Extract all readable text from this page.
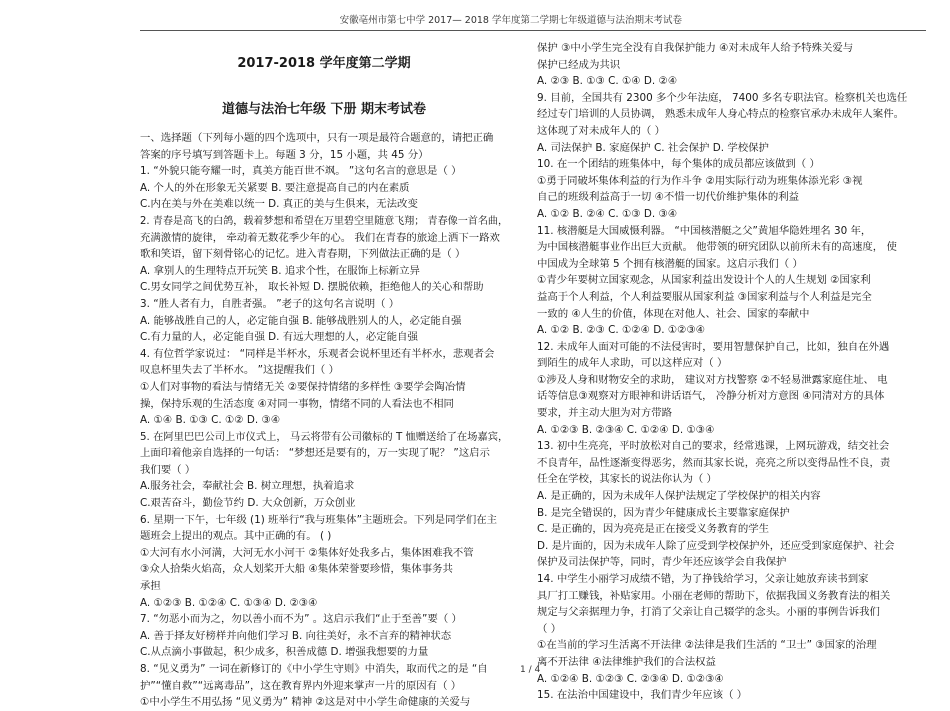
安徽亳州市第七中学 2017— 2018 学年度第二学期七年级道德与法治期末考试卷

2017-2018 学年度第二学期

道德与法治七年级 下册 期末考试卷

一、选择题（下列每小题的四个选项中，只有一项是最符合题意的，请把正确

答案的序号填写到答题卡上。每题 3 分，15 小题，共 45 分）

1. “外貌只能夸耀一时，真美方能百世不飒。 ”这句名言的意思是（ ）

A. 个人的外在形象无关紧要 B. 要注意提高自己的内在素质

C.内在美与外在美难以统一 D. 真正的美与生俱来，无法改变

2. 青春是高飞的白鸽，载着梦想和希望在万里碧空里随意飞翔； 青春像一首名曲，

充满激情的旋律， 牵动着无数花季少年的心。 我们在青春的旅途上洒下一路欢

歌和笑语，留下刻骨铭心的记忆。进入青春期，下列做法正确的是（ ）

A. 拿别人的生理特点开玩笑 B. 追求个性，在服饰上标新立异

C.男女同学之间优势互补， 取长补短 D. 摆脱依赖，拒绝他人的关心和帮助

3. “胜人者有力，自胜者强。 ”老子的这句名言说明（ ）

A. 能够战胜自己的人，必定能自强 B. 能够战胜别人的人，必定能自强

C.有力量的人，必定能自强 D. 有远大理想的人，必定能自强

4. 有位哲学家说过： “同样是半杯水，乐观者会说杯里还有半杯水，悲观者会

叹息杯里失去了半杯水。 ”这提醒我们（ ）

①人们对事物的看法与情绪无关 ②要保持情绪的多样性 ③要学会陶冶情

操，保持乐观的生活态度 ④对同一事物，情绪不同的人看法也不相同

A. ①④ B. ①③ C. ①② D. ③④

5. 在阿里巴巴公司上市仪式上， 马云将带有公司徽标的 T 恤赠送给了在场嘉宾，

上面印着他亲自选择的一句话： “梦想还是要有的，万一实现了呢？ ”这启示

我们要（ ）

A.服务社会，奉献社会 B. 树立理想，执着追求

C.艰苦奋斗，勤俭节约 D. 大众创新，万众创业

6. 星期一下午，七年级 (1) 班举行“我与班集体”主题班会。下列是同学们在主

题班会上提出的观点。其中正确的有。 ( )

①大河有水小河满，大河无水小河干 ②集体好处我多占，集体困难我不管

③众人拾柴火焰高，众人划桨开大船 ④集体荣誉要珍惜，集体事务共

承担

A. ①②③ B. ①②④ C. ①③④ D. ②③④

7. “勿恶小而为之，勿以善小而不为” 。这启示我们“止于至善”要（ ）

A. 善于择友好榜样并向他们学习 B. 向往美好，永不言弃的精神状态

C.从点滴小事做起，积少成多，积善成德 D. 增强我想要的力量

8. “见义勇为” 一词在新修订的《中小学生守则》中消失，取而代之的是 “自

护”“懂自救”“远离毒品”，这在教育界内外迎来掌声一片的原因有（ ）

①中小学生不用弘扬 “见义勇为” 精神 ②这是对中小学生命健康的关爱与

保护 ③中小学生完全没有自我保护能力 ④对未成年人给予特殊关爱与

保护已经成为共识

A. ②③ B. ①③ C. ①④ D. ②④

9. 目前，全国共有 2300 多个少年法庭， 7400 多名专职法官。检察机关也选任

经过专门培训的人员协调， 熟悉未成年人身心特点的检察官承办未成年人案件。

这体现了对未成年人的（ ）

A. 司法保护 B. 家庭保护 C. 社会保护 D. 学校保护

10. 在一个团结的班集体中，每个集体的成员都应该做到（ ）

①勇于同破坏集体利益的行为作斗争 ②用实际行动为班集体添光彩 ③视

自己的班级利益高于一切 ④不惜一切代价维护集体的利益

A. ①② B. ②④ C. ①③ D. ③④

11. 核潜艇是大国威慑利器。 “中国核潜艇之父”黄旭华隐姓埋名 30 年，

为中国核潜艇事业作出巨大贡献。 他带领的研究团队以前所未有的高速度， 使

中国成为全球第 5 个拥有核潜艇的国家。这启示我们（ ）

①青少年要树立国家观念，从国家利益出发设计个人的人生规划 ②国家利

益高于个人利益，个人利益要服从国家利益 ③国家利益与个人利益是完全

一致的 ④人生的价值，体现在对他人、社会、国家的奉献中

A. ①② B. ②③ C. ①②④ D. ①②③④

12. 未成年人面对可能的不法侵害时，要用智慧保护自己，比如，独自在外遇

到陌生的成年人求助，可以这样应对（ ）

①涉及人身和财物安全的求助， 建议对方找警察 ②不轻易泄露家庭住址、 电

话等信息③观察对方眼神和讲话语气， 冷静分析对方意图 ④同清对方的具体

要求，并主动大胆为对方带路

A. ①②③ B. ②③④ C. ①②④ D. ①③④

13. 初中生亮亮，平时放松对自己的要求，经常逃课，上网玩游戏，结交社会

不良青年，品性逐渐变得恶劣，然而其家长说，亮亮之所以变得品性不良，责

任全在学校，其家长的说法你认为（ ）

A. 是正确的，因为未成年人保护法规定了学校保护的相关内容

B. 是完全错误的，因为青少年健康成长主要靠家庭保护

C. 是正确的，因为亮亮是正在接受义务教育的学生

D. 是片面的，因为未成年人除了应受到学校保护外，还应受到家庭保护、社会

保护及司法保护等，同时，青少年还应该学会自我保护

14. 中学生小丽学习成绩不错，为了挣钱给学习，父亲让她放弃读书到家

具厂打工赚钱，补贴家用。小丽在老师的帮助下，依据我国义务教育法的相关

规定与父亲据理力争，打消了父亲让自己辍学的念头。小丽的事例告诉我们

（ ）

①在当前的学习生活离不开法律 ②法律是我们生活的 “卫士” ③国家的治理

离不开法律 ④法律维护我们的合法权益

A. ①②④ B. ①②③ C. ②③④ D. ①②③④

15. 在法治中国建设中，我们青少年应该（ ）

1 / 4
